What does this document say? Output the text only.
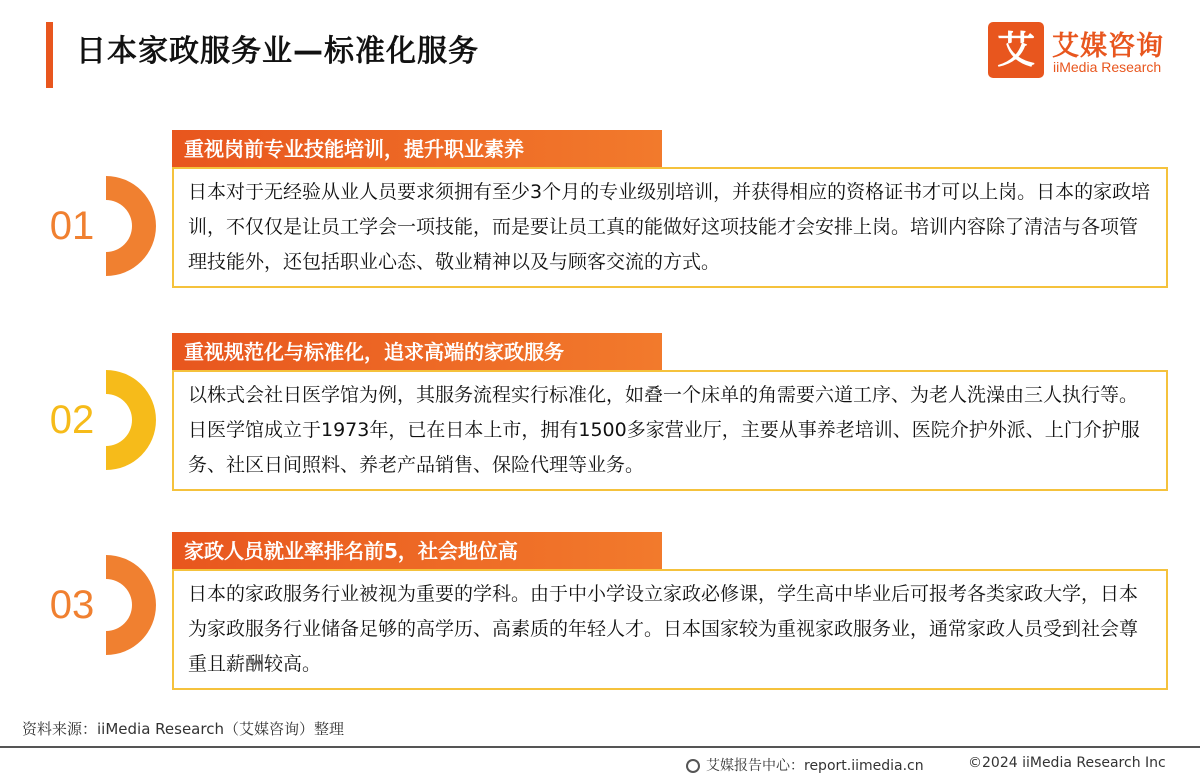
日本家政服务业—标准化服务	艾 艾媒咨询
iiMedia Research
01
重视岗前专业技能培训，提升职业素养
日本对于无经验从业人员要求须拥有至少3个月的专业级别培训，并获得相应的资格证书才可以上岗。日本的家政培训，不仅仅是让员工学会一项技能，而是要让员工真的能做好这项技能才会安排上岗。培训内容除了清洁与各项管理技能外，还包括职业心态、敬业精神以及与顾客交流的方式。
02
重视规范化与标准化，追求高端的家政服务
以株式会社日医学馆为例，其服务流程实行标准化，如叠一个床单的角需要六道工序、为老人洗澡由三人执行等。日医学馆成立于1973年，已在日本上市，拥有1500多家营业厅，主要从事养老培训、医院介护外派、上门介护服务、社区日间照料、养老产品销售、保险代理等业务。
03
家政人员就业率排名前5，社会地位高
日本的家政服务行业被视为重要的学科。由于中小学设立家政必修课，学生高中毕业后可报考各类家政大学，日本为家政服务行业储备足够的高学历、高素质的年轻人才。日本国家较为重视家政服务业，通常家政人员受到社会尊重且薪酬较高。
资料来源：iiMedia Research（艾媒咨询）整理
艾媒报告中心：report.iimedia.cn	©2024 iiMedia Research Inc
